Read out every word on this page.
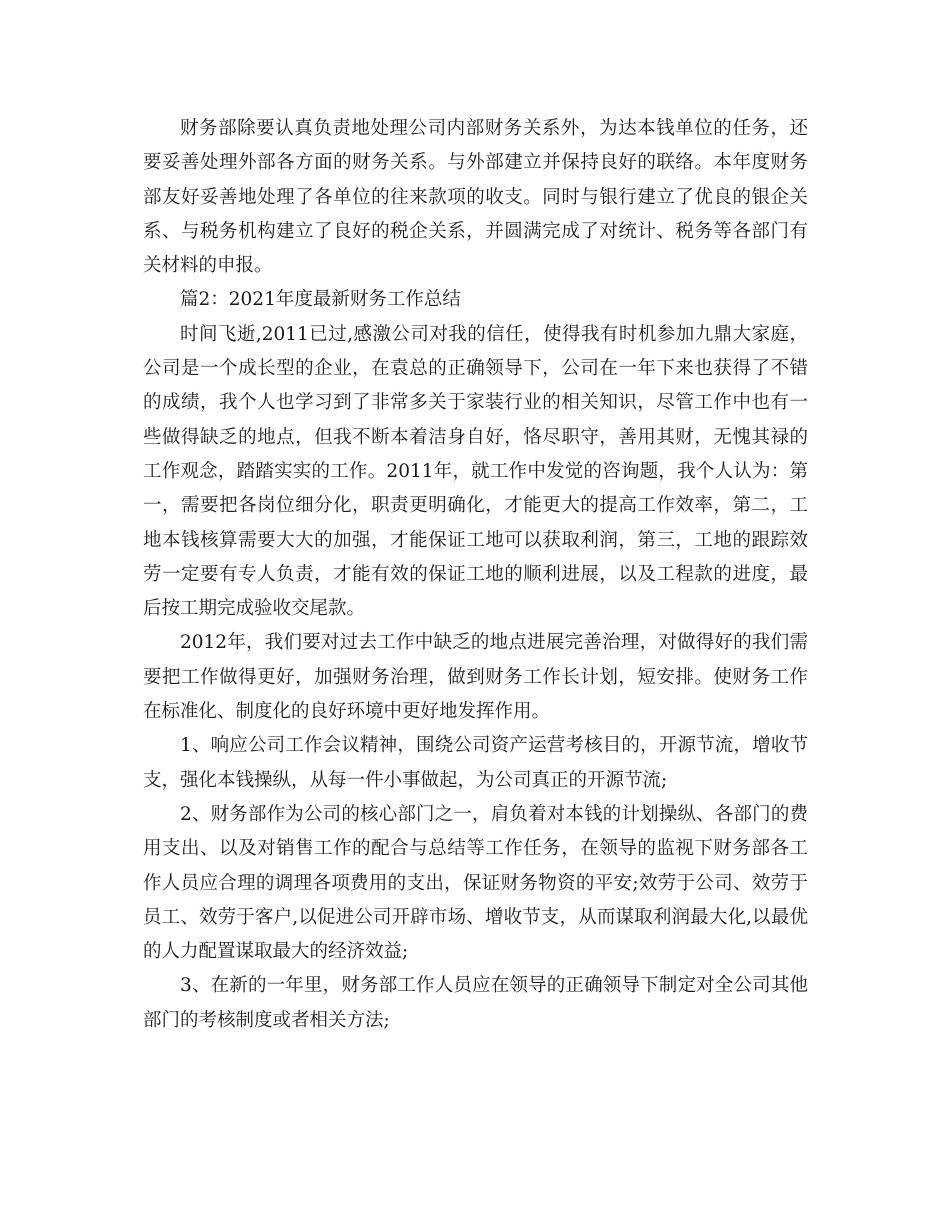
财务部除要认真负责地处理公司内部财务关系外，为达本钱单位的任务，还要妥善处理外部各方面的财务关系。与外部建立并保持良好的联络。本年度财务部友好妥善地处理了各单位的往来款项的收支。同时与银行建立了优良的银企关系、与税务机构建立了良好的税企关系，并圆满完成了对统计、税务等各部门有关材料的申报。

篇2：2021年度最新财务工作总结

时间飞逝,2011已过,感激公司对我的信任，使得我有时机参加九鼎大家庭，公司是一个成长型的企业，在袁总的正确领导下，公司在一年下来也获得了不错的成绩，我个人也学习到了非常多关于家装行业的相关知识，尽管工作中也有一些做得缺乏的地点，但我不断本着洁身自好，恪尽职守，善用其财，无愧其禄的工作观念，踏踏实实的工作。2011年，就工作中发觉的咨询题，我个人认为：第一，需要把各岗位细分化，职责更明确化，才能更大的提高工作效率，第二，工地本钱核算需要大大的加强，才能保证工地可以获取利润，第三，工地的跟踪效劳一定要有专人负责，才能有效的保证工地的顺利进展，以及工程款的进度，最后按工期完成验收交尾款。

2012年，我们要对过去工作中缺乏的地点进展完善治理，对做得好的我们需要把工作做得更好，加强财务治理，做到财务工作长计划，短安排。使财务工作在标准化、制度化的良好环境中更好地发挥作用。

1、响应公司工作会议精神，围绕公司资产运营考核目的，开源节流，增收节支，强化本钱操纵，从每一件小事做起，为公司真正的开源节流;

2、财务部作为公司的核心部门之一，肩负着对本钱的计划操纵、各部门的费用支出、以及对销售工作的配合与总结等工作任务，在领导的监视下财务部各工作人员应合理的调理各项费用的支出，保证财务物资的平安;效劳于公司、效劳于员工、效劳于客户,以促进公司开辟市场、增收节支，从而谋取利润最大化,以最优的人力配置谋取最大的经济效益;

3、在新的一年里，财务部工作人员应在领导的正确领导下制定对全公司其他部门的考核制度或者相关方法;
